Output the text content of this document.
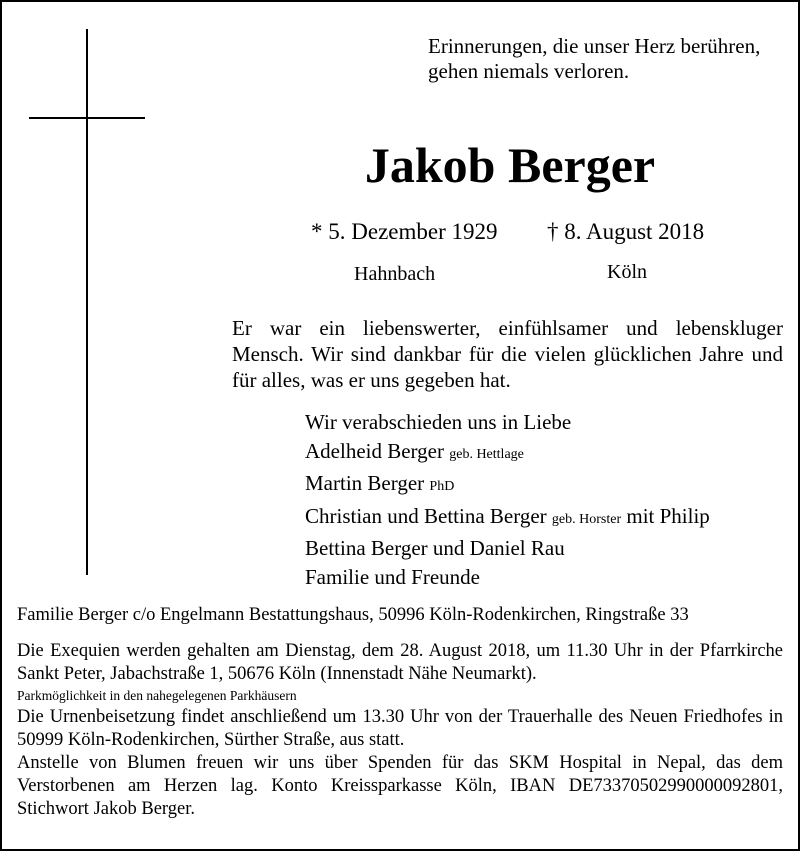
Erinnerungen, die unser Herz berühren,
gehen niemals verloren.
Jakob Berger
* 5. Dezember 1929 † 8. August 2018
Hahnbach	Köln
Er war ein liebenswerter, einfühlsamer und lebenskluger Mensch. Wir sind dankbar für die vielen glücklichen Jahre und für alles, was er uns gegeben hat.
Wir verabschieden uns in Liebe
Adelheid Berger geb. Hettlage
Martin Berger PhD
Christian und Bettina Berger geb. Horster mit Philip
Bettina Berger und Daniel Rau
Familie und Freunde
Familie Berger c/o Engelmann Bestattungshaus, 50996 Köln-Rodenkirchen, Ringstraße 33
Die Exequien werden gehalten am Dienstag, dem 28. August 2018, um 11.30 Uhr in der Pfarrkirche Sankt Peter, Jabachstraße 1, 50676 Köln (Innenstadt Nähe Neumarkt).
Parkmöglichkeit in den nahegelegenen Parkhäusern
Die Urnenbeisetzung findet anschließend um 13.30 Uhr von der Trauerhalle des Neuen Friedhofes in 50999 Köln-Rodenkirchen, Sürther Straße, aus statt.
Anstelle von Blumen freuen wir uns über Spenden für das SKM Hospital in Nepal, das dem Verstorbenen am Herzen lag. Konto Kreissparkasse Köln, IBAN DE73370502990000092801, Stichwort Jakob Berger.
